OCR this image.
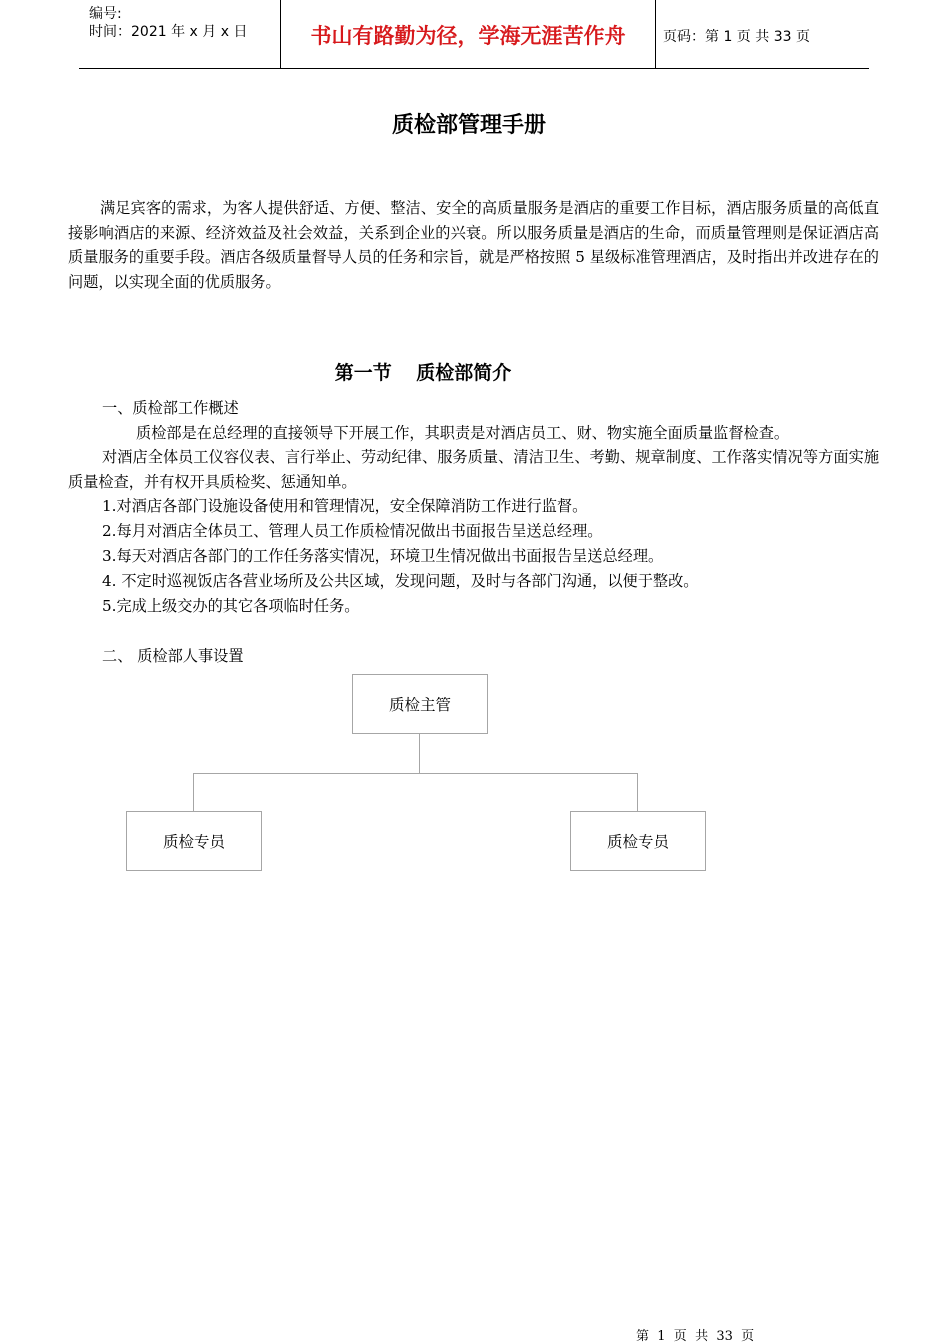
编号:
时间：2021 年 x 月 x 日	书山有路勤为径，学海无涯苦作舟	页码：第 1 页 共 33 页
质检部管理手册

满足宾客的需求，为客人提供舒适、方便、整洁、安全的高质量服务是酒店的重要工作目标，酒店服务质量的高低直接影响酒店的来源、经济效益及社会效益，关系到企业的兴衰。所以服务质量是酒店的生命，而质量管理则是保证酒店高质量服务的重要手段。酒店各级质量督导人员的任务和宗旨，就是严格按照 5 星级标准管理酒店，及时指出并改进存在的问题，以实现全面的优质服务。

第一节 质检部简介
一、质检部工作概述
质检部是在总经理的直接领导下开展工作，其职责是对酒店员工、财、物实施全面质量监督检查。

对酒店全体员工仪容仪表、言行举止、劳动纪律、服务质量、清洁卫生、考勤、规章制度、工作落实情况等方面实施质量检查，并有权开具质检奖、惩通知单。

1.对酒店各部门设施设备使用和管理情况，安全保障消防工作进行监督。
2.每月对酒店全体员工、管理人员工作质检情况做出书面报告呈送总经理。
3.每天对酒店各部门的工作任务落实情况，环境卫生情况做出书面报告呈送总经理。
4. 不定时巡视饭店各营业场所及公共区域，发现问题，及时与各部门沟通，以便于整改。
5.完成上级交办的其它各项临时任务。
二、 质检部人事设置
质检主管
质检专员	质检专员
第  1  页  共  33  页
